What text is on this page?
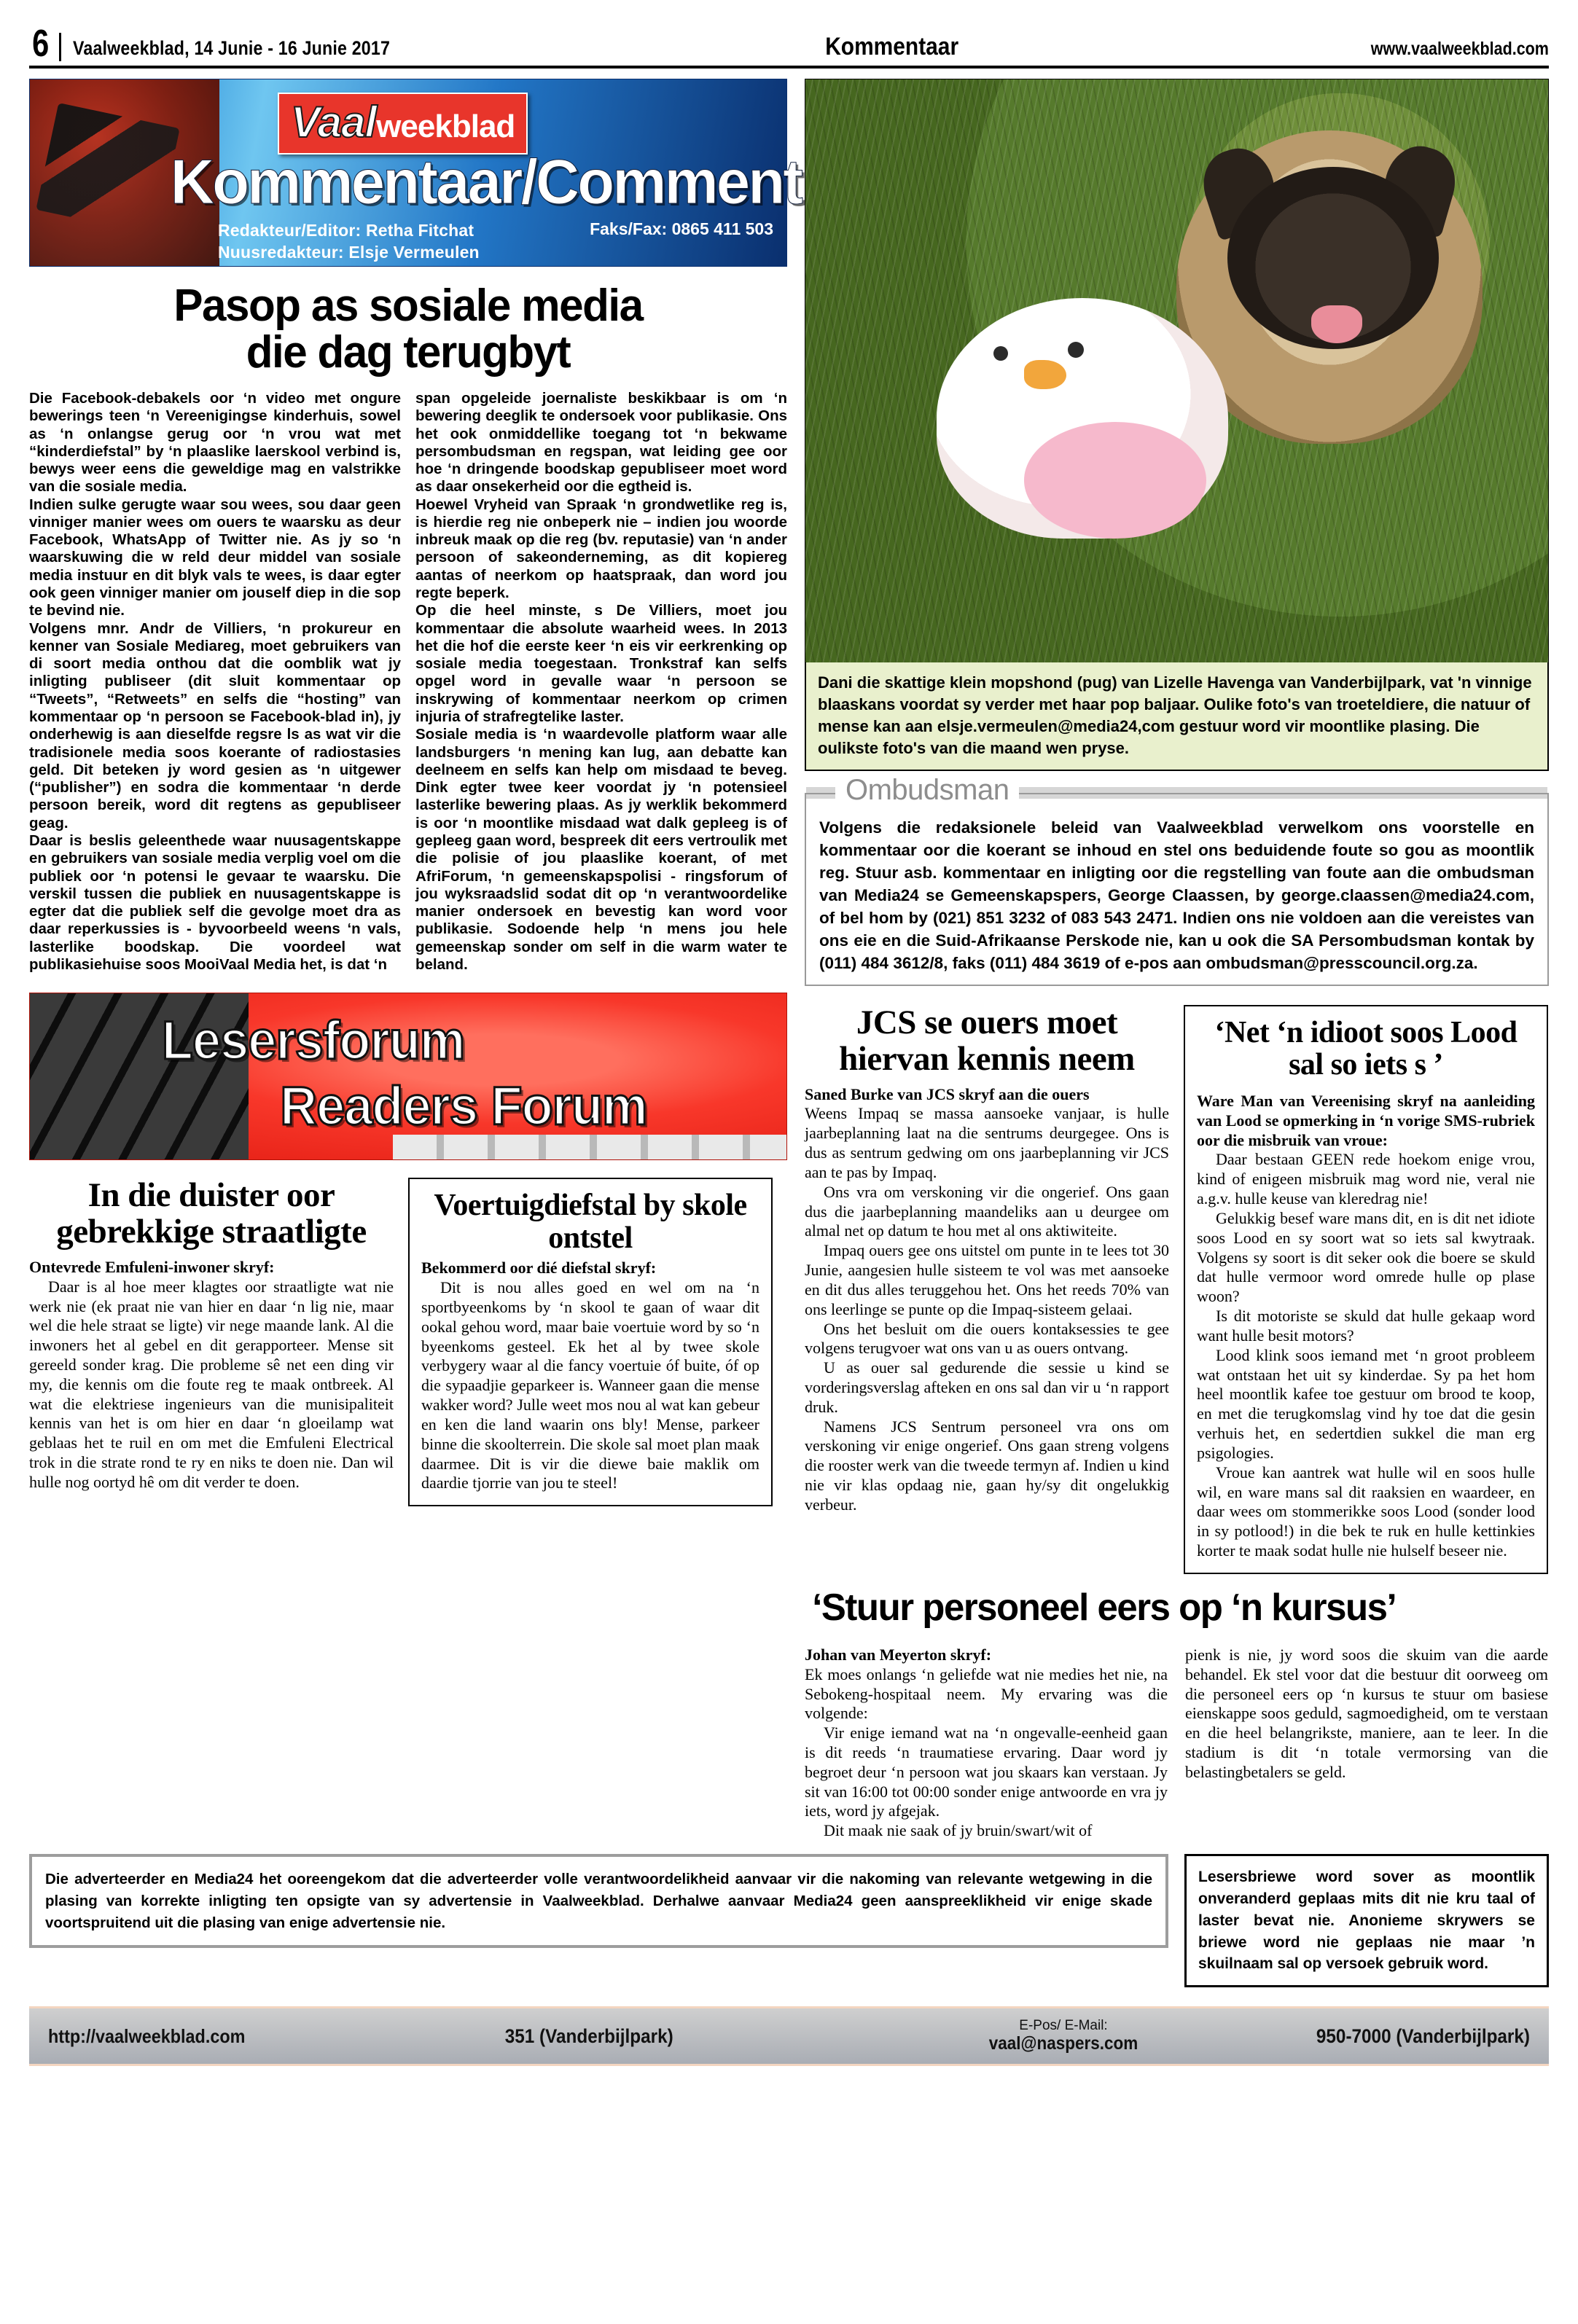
6	Vaalweekblad, 14 Junie - 16 Junie 2017	Kommentaar	www.vaalweekblad.com
Vaalweekblad
Kommentaar/Comment
Redakteur/Editor: Retha Fitchat
Nuusredakteur: Elsje Vermeulen
Nuus na ure / After Hours: 083 246 0523
Faks/Fax: 0865 411 503
Pasop as sosiale media
die dag terugbyt

Die Facebook-debakels oor ‘n video met ongure bewerings teen ‘n Vereenigingse kinderhuis, sowel as ‘n onlangse gerug oor ‘n vrou wat met “kinderdiefstal” by ‘n plaaslike laerskool verbind is, bewys weer eens die geweldige mag en valstrikke van die sosiale media.

Indien sulke gerugte waar sou wees, sou daar geen vinniger manier wees om ouers te waarsku as deur Facebook, WhatsApp of Twitter nie. As jy so ‘n waarskuwing die w reld deur middel van sosiale media instuur en dit blyk vals te wees, is daar egter ook geen vinniger manier om jouself diep in die sop te bevind nie.

Volgens mnr. Andr de Villiers, ‘n prokureur en kenner van Sosiale Mediareg, moet gebruikers van di soort media onthou dat die oomblik wat jy inligting publiseer (dit sluit kommentaar op “Tweets”, “Retweets” en selfs die “hosting” van kommentaar op ‘n persoon se Facebook-blad in), jy onderhewig is aan dieselfde regsre ls as wat vir die tradisionele media soos koerante of radiostasies geld. Dit beteken jy word gesien as ‘n uitgewer (“publisher”) en sodra die kommentaar ‘n derde persoon bereik, word dit regtens as gepubliseer geag.

Daar is beslis geleenthede waar nuusagentskappe en gebruikers van sosiale media verplig voel om die publiek oor ‘n potensi le gevaar te waarsku. Die verskil tussen die publiek en nuusagentskappe is egter dat die publiek self die gevolge moet dra as daar reperkussies is - byvoorbeeld weens ‘n vals, lasterlike boodskap. Die voordeel wat publikasiehuise soos MooiVaal Media het, is dat ‘n

span opgeleide joernaliste beskikbaar is om ‘n bewering deeglik te ondersoek voor publikasie. Ons het ook onmiddellike toegang tot ‘n bekwame persombudsman en regspan, wat leiding gee oor hoe ‘n dringende boodskap gepubliseer moet word as daar onsekerheid oor die egtheid is.

Hoewel Vryheid van Spraak ‘n grondwetlike reg is, is hierdie reg nie onbeperk nie – indien jou woorde inbreuk maak op die reg (bv. reputasie) van ‘n ander persoon of sakeonderneming, as dit kopiereg aantas of neerkom op haatspraak, dan word jou regte beperk.

Op die heel minste, s De Villiers, moet jou kommentaar die absolute waarheid wees. In 2013 het die hof die eerste keer ‘n eis vir eerkrenking op sosiale media toegestaan. Tronkstraf kan selfs opgel word in gevalle waar ‘n persoon se inskrywing of kommentaar neerkom op crimen injuria of strafregtelike laster.

Sosiale media is ‘n waardevolle platform waar alle landsburgers ‘n mening kan lug, aan debatte kan deelneem en selfs kan help om misdaad te beveg. Dink egter twee keer voordat jy ‘n potensieel lasterlike bewering plaas. As jy werklik bekommerd is oor ‘n moontlike misdaad wat dalk gepleeg is of gepleeg gaan word, bespreek dit eers vertroulik met die polisie of jou plaaslike koerant, of met AfriForum, ‘n gemeenskapspolisi - ringsforum of jou wyksraadslid sodat dit op ‘n verantwoordelike manier ondersoek en bevestig kan word voor publikasie. Sodoende help ‘n mens jou hele gemeenskap sonder om self in die warm water te beland.

Lesersforum
Readers Forum
In die duister oor gebrekkige straatligte

Ontevrede Emfuleni-inwoner skryf:

Daar is al hoe meer klagtes oor straatligte wat nie werk nie (ek praat nie van hier en daar ‘n lig nie, maar wel die hele straat se ligte) vir nege maande lank. Al die inwoners het al gebel en dit gerapporteer. Mense sit gereeld sonder krag. Die probleme sê net een ding vir my, die kennis om die foute reg te maak ontbreek. Al wat die elektriese ingenieurs van die munisipaliteit kennis van het is om hier en daar ‘n gloeilamp wat geblaas het te ruil en om met die Emfuleni Electrical trok in die strate rond te ry en niks te doen nie. Dan wil hulle nog oortyd hê om dit verder te doen.

Voertuigdiefstal by skole ontstel

Bekommerd oor dié diefstal skryf:

Dit is nou alles goed en wel om na ‘n sportbyeenkoms by ‘n skool te gaan of waar dit ookal gehou word, maar baie voertuie word by so ‘n byeenkoms gesteel. Ek het al by twee skole verbygery waar al die fancy voertuie óf buite, óf op die sypaadjie geparkeer is. Wanneer gaan die mense wakker word? Julle weet mos nou al wat kan gebeur en ken die land waarin ons bly! Mense, parkeer binne die skoolterrein. Die skole sal moet plan maak daarmee. Dit is vir die diewe baie maklik om daardie tjorrie van jou te steel!

Dani die skattige klein mopshond (pug) van Lizelle Havenga van Vanderbijlpark, vat 'n vinnige blaaskans voordat sy verder met haar pop baljaar. Oulike foto's van troeteldiere, die natuur of mense kan aan elsje.vermeulen@media24,com gestuur word vir moontlike plasing. Die oulikste foto's van die maand wen pryse.
Ombudsman
Volgens die redaksionele beleid van Vaalweekblad verwelkom ons voorstelle en kommentaar oor die koerant se inhoud en stel ons beduidende foute so gou as moontlik reg. Stuur asb. kommentaar en inligting oor die regstelling van foute aan die ombudsman van Media24 se Gemeenskapspers, George Claassen, by george.claassen@media24.com, of bel hom by (021) 851 3232 of 083 543 2471. Indien ons nie voldoen aan die vereistes van ons eie en die Suid-Afrikaanse Perskode nie, kan u ook die SA Persombudsman kontak by (011) 484 3612/8, faks (011) 484 3619 of e-pos aan ombudsman@presscouncil.org.za.
JCS se ouers moet hiervan kennis neem

Saned Burke van JCS skryf aan die ouers

Weens Impaq se massa aansoeke vanjaar, is hulle jaarbeplanning laat na die sentrums deurgegee. Ons is dus as sentrum gedwing om ons jaarbeplanning vir JCS aan te pas by Impaq.

Ons vra om verskoning vir die ongerief. Ons gaan dus die jaarbeplanning maandeliks aan u deurgee om almal net op datum te hou met al ons aktiwiteite.

Impaq ouers gee ons uitstel om punte in te lees tot 30 Junie, aangesien hulle sisteem te vol was met aansoeke en dit dus alles teruggehou het. Ons het reeds 70% van ons leerlinge se punte op die Impaq-sisteem gelaai.

Ons het besluit om die ouers kontaksessies te gee volgens terugvoer wat ons van u as ouers ontvang.

U as ouer sal gedurende die sessie u kind se vorderingsverslag afteken en ons sal dan vir u ‘n rapport druk.

Namens JCS Sentrum personeel vra ons om verskoning vir enige ongerief. Ons gaan streng volgens die rooster werk van die tweede termyn af. Indien u kind nie vir klas opdaag nie, gaan hy/sy dit ongelukkig verbeur.

‘Net ‘n idioot soos Lood sal so iets s ’

Ware Man van Vereenising skryf na aanleiding van Lood se opmerking in ‘n vorige SMS-rubriek oor die misbruik van vroue:

Daar bestaan GEEN rede hoekom enige vrou, kind of enigeen misbruik mag word nie, veral nie a.g.v. hulle keuse van kleredrag nie!

Gelukkig besef ware mans dit, en is dit net idiote soos Lood en sy soort wat so iets sal kwytraak. Volgens sy soort is dit seker ook die boere se skuld dat hulle vermoor word omrede hulle op plase woon?

Is dit motoriste se skuld dat hulle gekaap word want hulle besit motors?

Lood klink soos iemand met ‘n groot probleem wat ontstaan het uit sy kinderdae. Sy pa het hom heel moontlik kafee toe gestuur om brood te koop, en met die terugkomslag vind hy toe dat die gesin verhuis het, en sedertdien sukkel die man erg psigologies.

Vroue kan aantrek wat hulle wil en soos hulle wil, en ware mans sal dit raaksien en waardeer, en daar wees om stommerikke soos Lood (sonder lood in sy potlood!) in die bek te ruk en hulle kettinkies korter te maak sodat hulle nie hulself beseer nie.

‘Stuur personeel eers op ‘n kursus’

Johan van Meyerton skryf:

Ek moes onlangs ‘n geliefde wat nie medies het nie, na Sebokeng-hospitaal neem. My ervaring was die volgende:

Vir enige iemand wat na ‘n ongevalle-eenheid gaan is dit reeds ‘n traumatiese ervaring. Daar word jy begroet deur ‘n persoon wat jou skaars kan verstaan. Jy sit van 16:00 tot 00:00 sonder enige antwoorde en vra jy iets, word jy afgejak.

Dit maak nie saak of jy bruin/swart/wit of

pienk is nie, jy word soos die skuim van die aarde behandel. Ek stel voor dat die bestuur dit oorweeg om die personeel eers op ‘n kursus te stuur om basiese eienskappe soos geduld, sagmoedigheid, om te verstaan en die heel belangrikste, maniere, aan te leer. In die stadium is dit ‘n totale vermorsing van die belastingbetalers se geld.

Die adverteerder en Media24 het ooreengekom dat die adverteerder volle verantwoordelikheid aanvaar vir die nakoming van relevante wetgewing in die plasing van korrekte inligting ten opsigte van sy advertensie in Vaalweekblad. Derhalwe aanvaar Media24 geen aanspreeklikheid vir enige skade voortspruitend uit die plasing van enige advertensie nie.
Lesersbriewe word sover as moontlik onveranderd geplaas mits dit nie kru taal of laster bevat nie. Anonieme skrywers se briewe word nie geplaas nie maar ’n skuilnaam sal op versoek gebruik word.
http://vaalweekblad.com	351 (Vanderbijlpark)	E-Pos/ E-Mail:
vaal@naspers.com	950-7000 (Vanderbijlpark)
